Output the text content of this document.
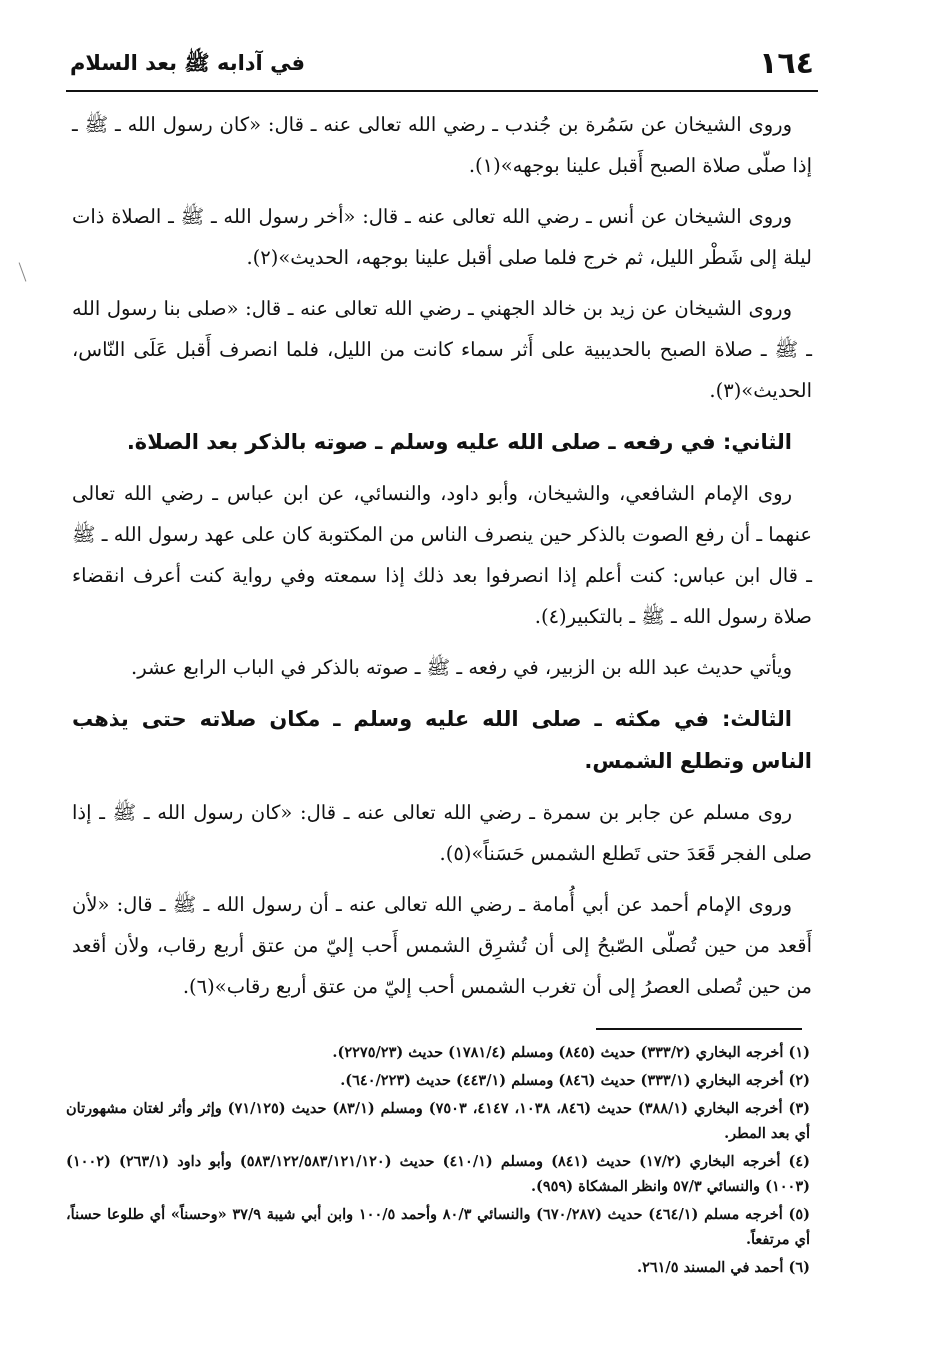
١٦٤
في آدابه ﷺ بعد السلام

وروى الشيخان عن سَمُرة بن جُندب ـ رضي الله تعالى عنه ـ قال: «كان رسول الله ـ ﷺ ـ إذا صلّى صلاة الصبح أَقبل علينا بوجهه»(١).

وروى الشيخان عن أنس ـ رضي الله تعالى عنه ـ قال: «أخر رسول الله ـ ﷺ ـ الصلاة ذات ليلة إلى شَطْر الليل، ثم خرج فلما صلى أقبل علينا بوجهه، الحديث»(٢).

وروى الشيخان عن زيد بن خالد الجهني ـ رضي الله تعالى عنه ـ قال: «صلى بنا رسول الله ـ ﷺ ـ صلاة الصبح بالحديبية على أَثر سماء كانت من الليل، فلما انصرف أَقبل عَلَى النّاس، الحديث»(٣).

الثاني: في رفعه ـ صلى الله عليه وسلم ـ صوته بالذكر بعد الصلاة.

روى الإمام الشافعي، والشيخان، وأبو داود، والنسائي، عن ابن عباس ـ رضي الله تعالى عنهما ـ أن رفع الصوت بالذكر حين ينصرف الناس من المكتوبة كان على عهد رسول الله ـ ﷺ ـ قال ابن عباس: كنت أعلم إذا انصرفوا بعد ذلك إذا سمعته وفي رواية كنت أعرف انقضاء صلاة رسول الله ـ ﷺ ـ بالتكبير(٤).

ويأتي حديث عبد الله بن الزبير، في رفعه ـ ﷺ ـ صوته بالذكر في الباب الرابع عشر.

الثالث: في مكثه ـ صلى الله عليه وسلم ـ مكان صلاته حتى يذهب الناس وتطلع الشمس.

روى مسلم عن جابر بن سمرة ـ رضي الله تعالى عنه ـ قال: «كان رسول الله ـ ﷺ ـ إذا صلى الفجر قَعَدَ حتى تَطلع الشمس حَسَناً»(٥).

وروى الإمام أحمد عن أبي أُمامة ـ رضي الله تعالى عنه ـ أن رسول الله ـ ﷺ ـ قال: «لأن أَقعد من حين تُصلّى الصّبحُ إلى أن تُشرِق الشمس أَحب إليّ من عتق أربع رقاب، ولأن أقعد من حين تُصلى العصرُ إلى أن تغرب الشمس أحب إليّ من عتق أربع رقاب»(٦).

(١) أخرجه البخاري (٣٣٣/٢) حديث (٨٤٥) ومسلم (١٧٨١/٤) حديث (٢٢٧٥/٢٣).
(٢) أخرجه البخاري (٣٣٣/١) حديث (٨٤٦) ومسلم (٤٤٣/١) حديث (٦٤٠/٢٢٣).
(٣) أخرجه البخاري (٣٨٨/١) حديث (٨٤٦، ١٠٣٨، ٤١٤٧، ٧٥٠٣) ومسلم (٨٣/١) حديث (٧١/١٢٥) وإثر وأثر لغتان مشهورتان أي بعد المطر.
(٤) أخرجه البخاري (١٧/٢) حديث (٨٤١) ومسلم (٤١٠/١) حديث (٥٨٣/١٢٢/٥٨٣/١٢١/١٢٠) وأبو داود (٢٦٣/١) (١٠٠٢) (١٠٠٣) والنسائي ٥٧/٣ وانظر المشكاة (٩٥٩).
(٥) أخرجه مسلم (٤٦٤/١) حديث (٦٧٠/٢٨٧) والنسائي ٨٠/٣ وأحمد ١٠٠/٥ وابن أبي شيبة ٣٧/٩ «وحسناً» أي طلوعا حسناً، أي مرتفعاً.
(٦) أحمد في المسند ٢٦١/٥.
